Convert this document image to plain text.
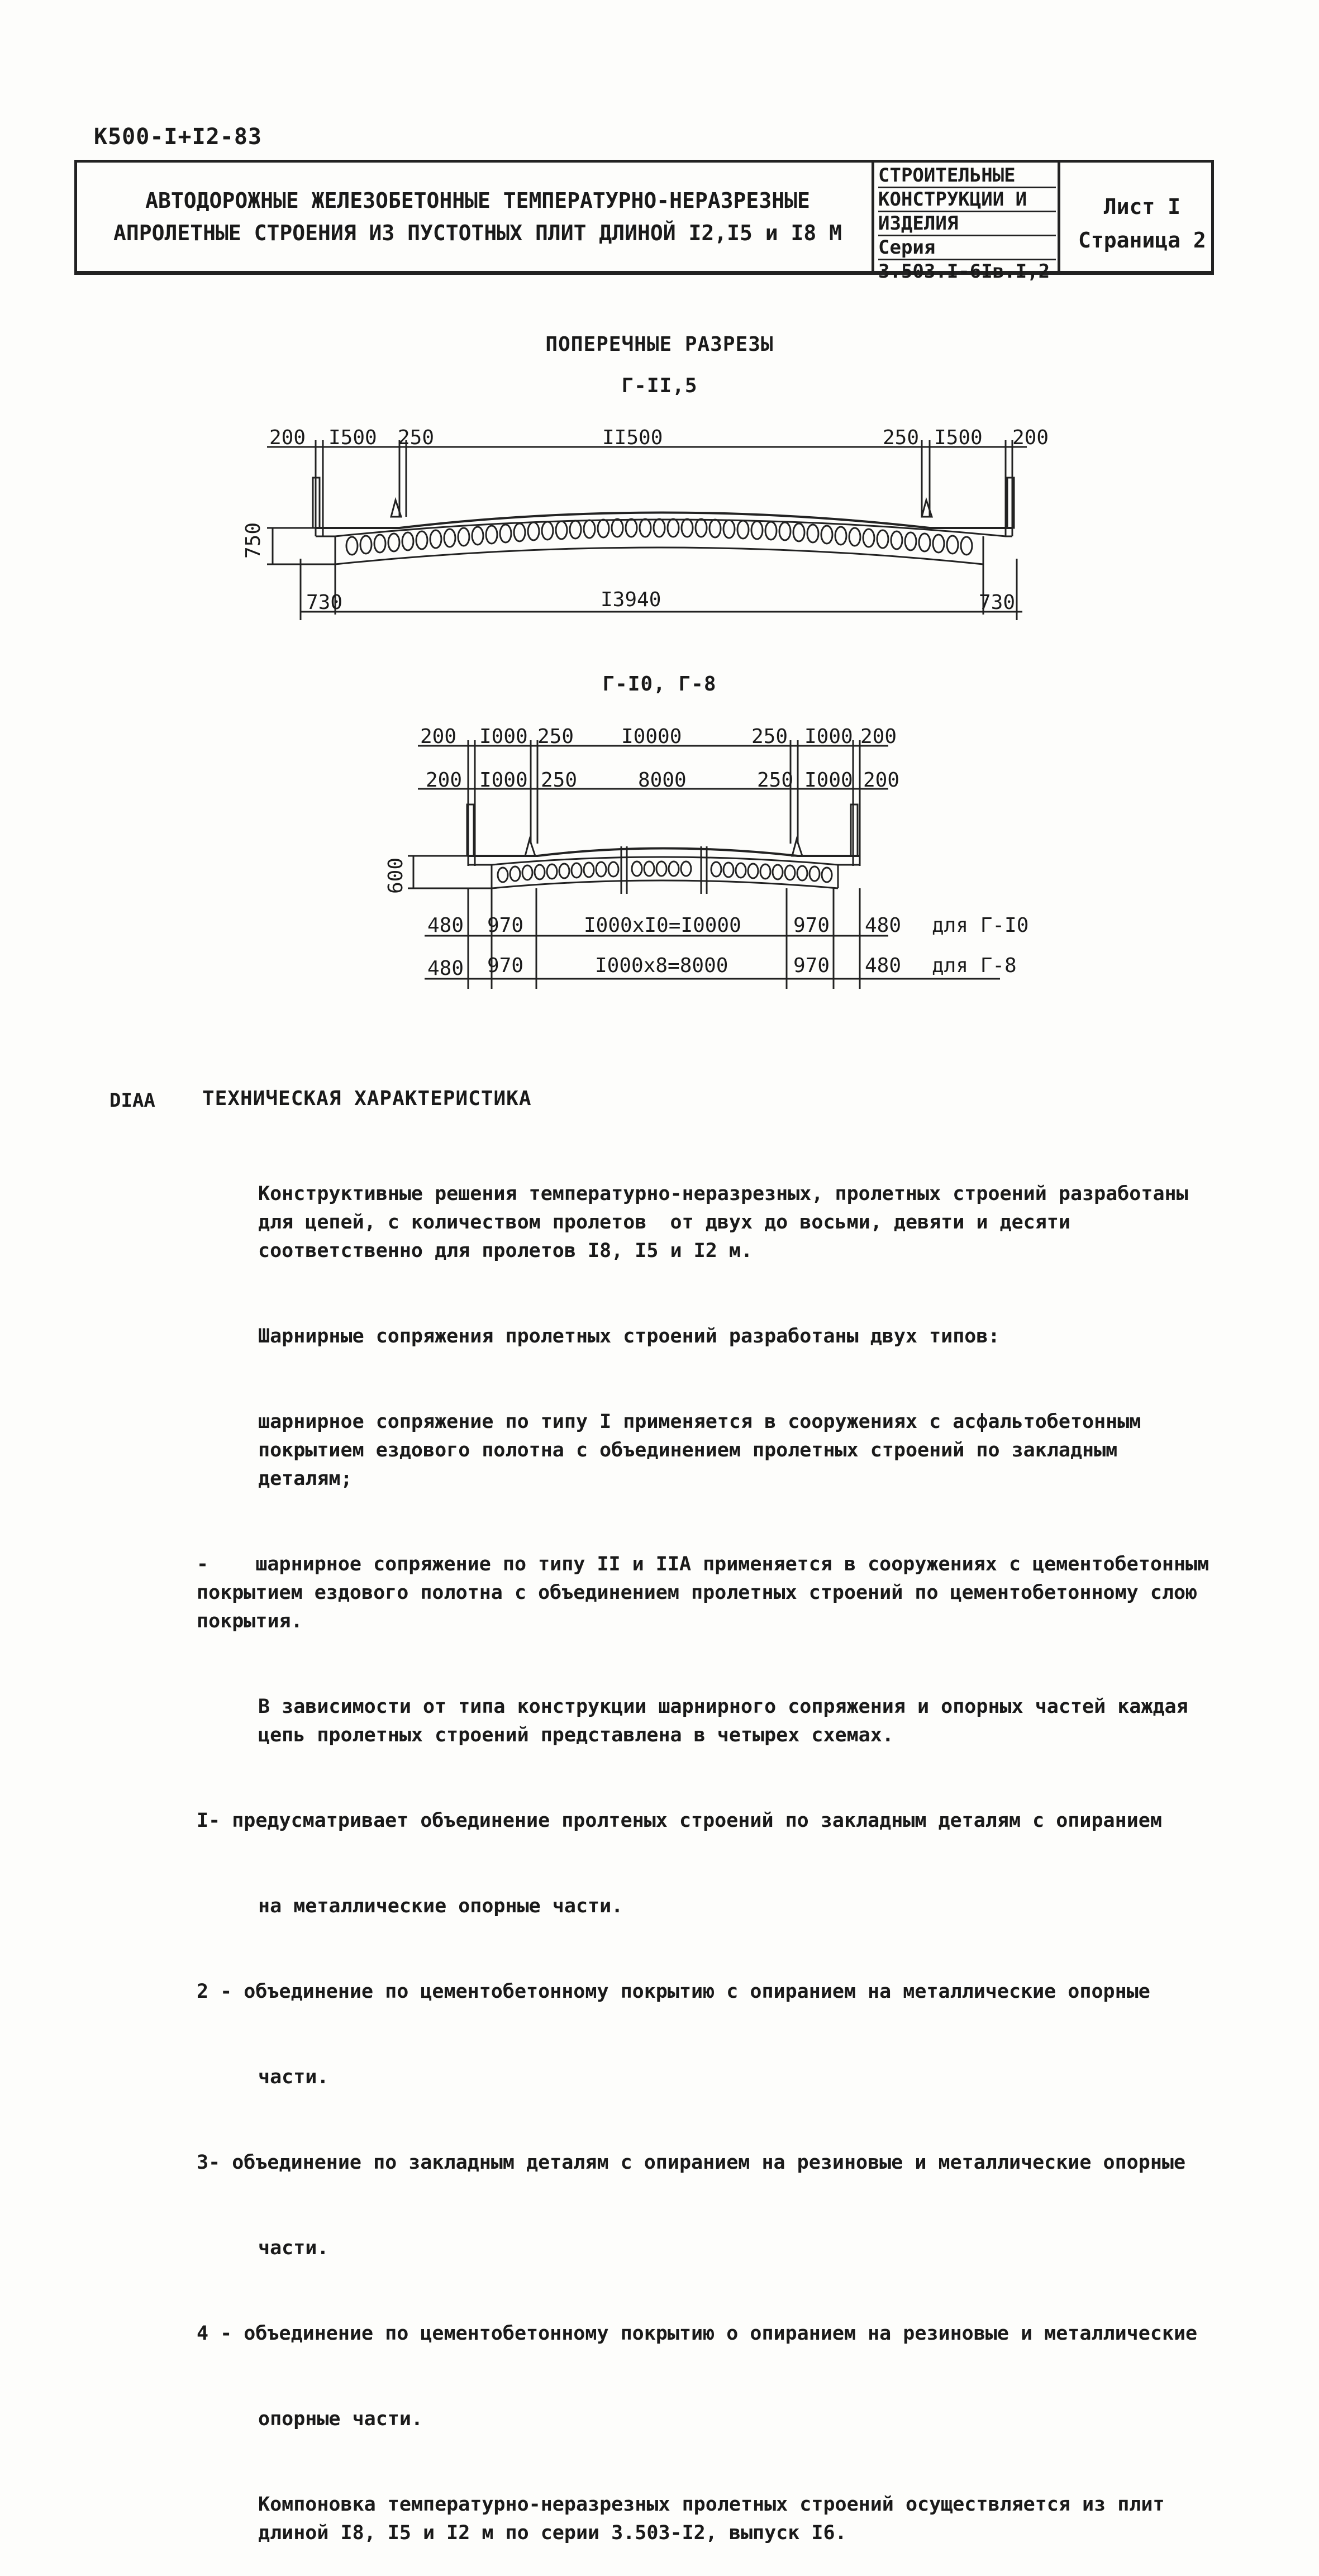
К500-I+I2-83
АВТОДОРОЖНЫЕ ЖЕЛЕЗОБЕТОННЫЕ ТЕМПЕРАТУРНО-НЕРАЗРЕЗНЫЕ
АПРОЛЕТНЫЕ СТРОЕНИЯ ИЗ ПУСТОТНЫХ ПЛИТ ДЛИНОЙ I2,I5 и I8 М
СТРОИТЕЛЬНЫЕ
КОНСТРУКЦИИ И
ИЗДЕЛИЯ
Серия
3.503.I-6Iв.I,2
Лист I
Страница 2
ПОПЕРЕЧНЫЕ РАЗРЕЗЫ
Г-II,5
Г-I0, Г-8
200 I500 250	II500	250 I500 200
750
730	I3940	730
200 I000 250 I0000	250 I000 200
200 I000 250	8000	250 I000 200
600
480 970	I000xI0=I0000	970 480 для Г-I0
480 970	I000x8=8000	970 480 для Г-8
DIAA ТЕХНИЧЕСКАЯ ХАРАКТЕРИСТИКА

Конструктивные решения температурно-неразрезных, пролетных строений разработаны для цепей, с количеством пролетов  от двух до восьми, девяти и десяти соответственно для пролетов I8, I5 и I2 м.

Шарнирные сопряжения пролетных строений разработаны двух типов:

шарнирное сопряжение по типу I применяется в сооружениях с асфальтобетонным покрытием ездового полотна с объединением пролетных строений по закладным деталям;

-    шарнирное сопряжение по типу II и IIA применяется в сооружениях с цементобетонным покрытием ездового полотна с объединением пролетных строений по цементобетонному слою покрытия.

В зависимости от типа конструкции шарнирного сопряжения и опорных частей каждая цепь пролетных строений представлена в четырех схемах.

I- предусматривает объединение пролтеных строений по закладным деталям с опиранием

на металлические опорные части.

2 - объединение по цементобетонному покрытию с опиранием на металлические опорные

части.

3- объединение по закладным деталям с опиранием на резиновые и металлические опорные

части.

4 - объединение по цементобетонному покрытию о опиранием на резиновые и металлические

опорные части.

Компоновка температурно-неразрезных пролетных строений осуществляется из плит длиной I8, I5 и I2 м по серии 3.503-I2, выпуск I6.
